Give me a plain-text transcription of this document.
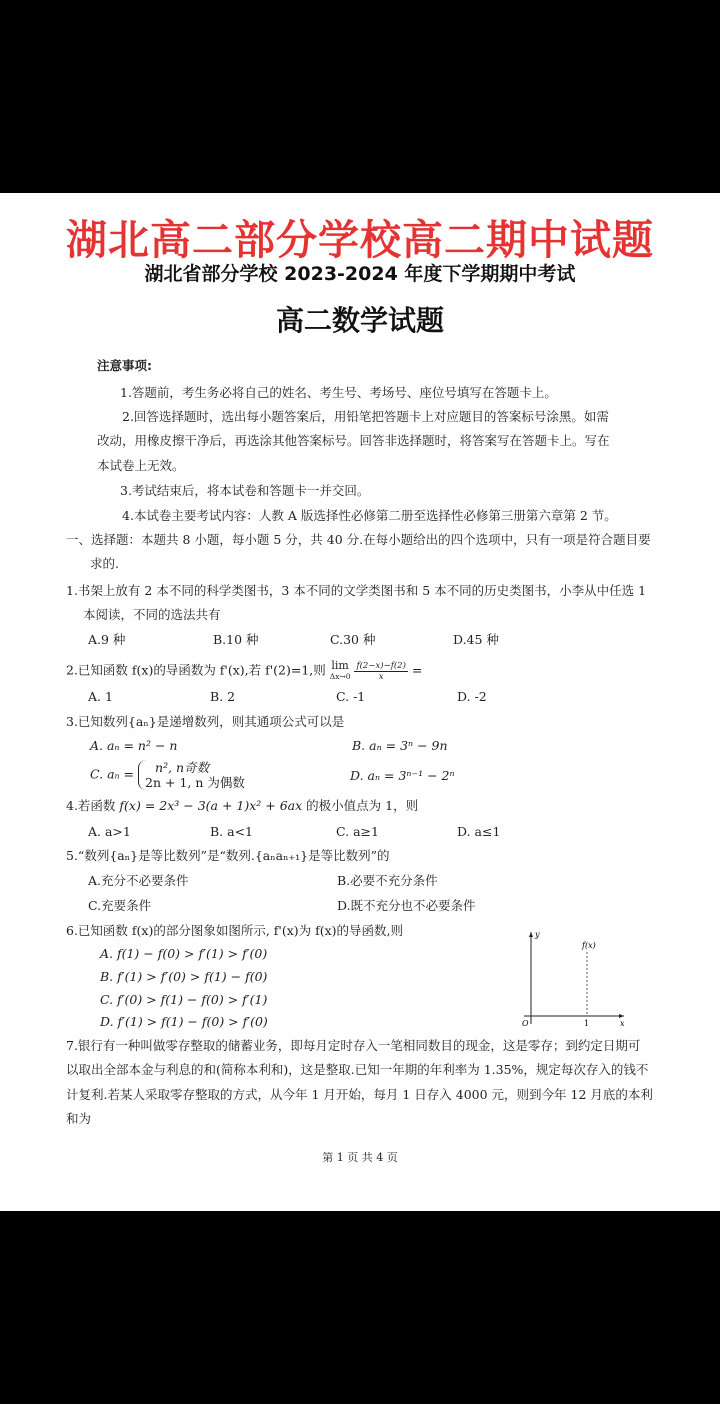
湖北高二部分学校高二期中试题
湖北省部分学校 2023-2024 年度下学期期中考试
高二数学试题
注意事项:
1.答题前，考生务必将自己的姓名、考生号、考场号、座位号填写在答题卡上。
2.回答选择题时，选出每小题答案后，用铅笔把答题卡上对应题目的答案标号涂黑。如需
改动，用橡皮擦干净后，再选涂其他答案标号。回答非选择题时，将答案写在答题卡上。写在
本试卷上无效。
3.考试结束后，将本试卷和答题卡一并交回。
4.本试卷主要考试内容：人教 A 版选择性必修第二册至选择性必修第三册第六章第 2 节。
一、选择题：本题共 8 小题，每小题 5 分，共 40 分.在每小题给出的四个选项中，只有一项是符合题目要
求的.
1.书架上放有 2 本不同的科学类图书，3 本不同的文学类图书和 5 本不同的历史类图书，小李从中任选 1
本阅读，不同的选法共有
A.9 种	B.10 种	C.30 种	D.45 种
2.已知函数 f(x)的导函数为 f'(x),若 f'(2)=1,则 lim
Δx→0
$\frac{f(2-x)-f(2)}{x}$ =
A. 1	B. 2	C. -1	D. -2
3.已知数列{aₙ}是递增数列，则其通项公式可以是
A. aₙ = n² − n	B. aₙ = 3ⁿ − 9n
C. aₙ =	n², n奇数
2n + 1, n 为偶数	D. aₙ = 3ⁿ⁻¹ − 2ⁿ
4.若函数 f(x) = 2x³ − 3(a + 1)x² + 6ax 的极小值点为 1，则
A. a>1	B. a<1	C. a≥1	D. a≤1
5.“数列{aₙ}是等比数列”是“数列.{aₙaₙ₊₁}是等比数列”的
A.充分不必要条件	B.必要不充分条件
C.充要条件	D.既不充分也不必要条件
6.已知函数 f(x)的部分图象如图所示, f'(x)为 f(x)的导函数,则
A. f(1) − f(0) > f′(1) > f′(0)
B. f′(1) > f′(0) > f(1) − f(0)
C. f′(0) > f(1) − f(0) > f′(1)
D. f′(1) > f(1) − f(0) > f′(0)
y
x
O	1
f(x)
7.银行有一种叫做零存整取的储蓄业务，即每月定时存入一笔相同数目的现金，这是零存；到约定日期可
以取出全部本金与利息的和(简称本利和)，这是整取.已知一年期的年利率为 1.35%，规定每次存入的钱不
计复利.若某人采取零存整取的方式，从今年 1 月开始，每月 1 日存入 4000 元，则到今年 12 月底的本利
和为
第 1 页 共 4 页
